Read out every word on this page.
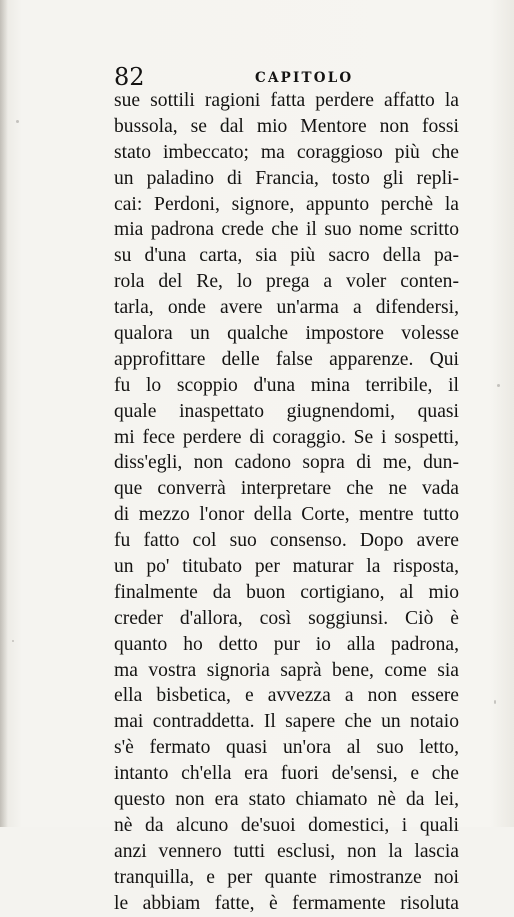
82	CAPITOLO
sue sottili ragioni fatta perdere affatto la
bussola, se dal mio Mentore non fossi
stato imbeccato; ma coraggioso più che
un paladino di Francia, tosto gli repli-
cai: Perdoni, signore, appunto perchè la
mia padrona crede che il suo nome scritto
su d'una carta, sia più sacro della pa-
rola del Re, lo prega a voler conten-
tarla, onde avere un'arma a difendersi,
qualora un qualche impostore volesse
approfittare delle false apparenze. Qui
fu lo scoppio d'una mina terribile, il
quale inaspettato giugnendomi, quasi
mi fece perdere di coraggio. Se i sospetti,
diss'egli, non cadono sopra di me, dun-
que converrà interpretare che ne vada
di mezzo l'onor della Corte, mentre tutto
fu fatto col suo consenso. Dopo avere
un po' titubato per maturar la risposta,
finalmente da buon cortigiano, al mio
creder d'allora, così soggiunsi. Ciò è
quanto ho detto pur io alla padrona,
ma vostra signoria saprà bene, come sia
ella bisbetica, e avvezza a non essere
mai contraddetta. Il sapere che un notaio
s'è fermato quasi un'ora al suo letto,
intanto ch'ella era fuori de'sensi, e che
questo non era stato chiamato nè da lei,
nè da alcuno de'suoi domestici, i quali
anzi vennero tutti esclusi, non la lascia
tranquilla, e per quante rimostranze noi
le abbiam fatte, è fermamente risoluta
